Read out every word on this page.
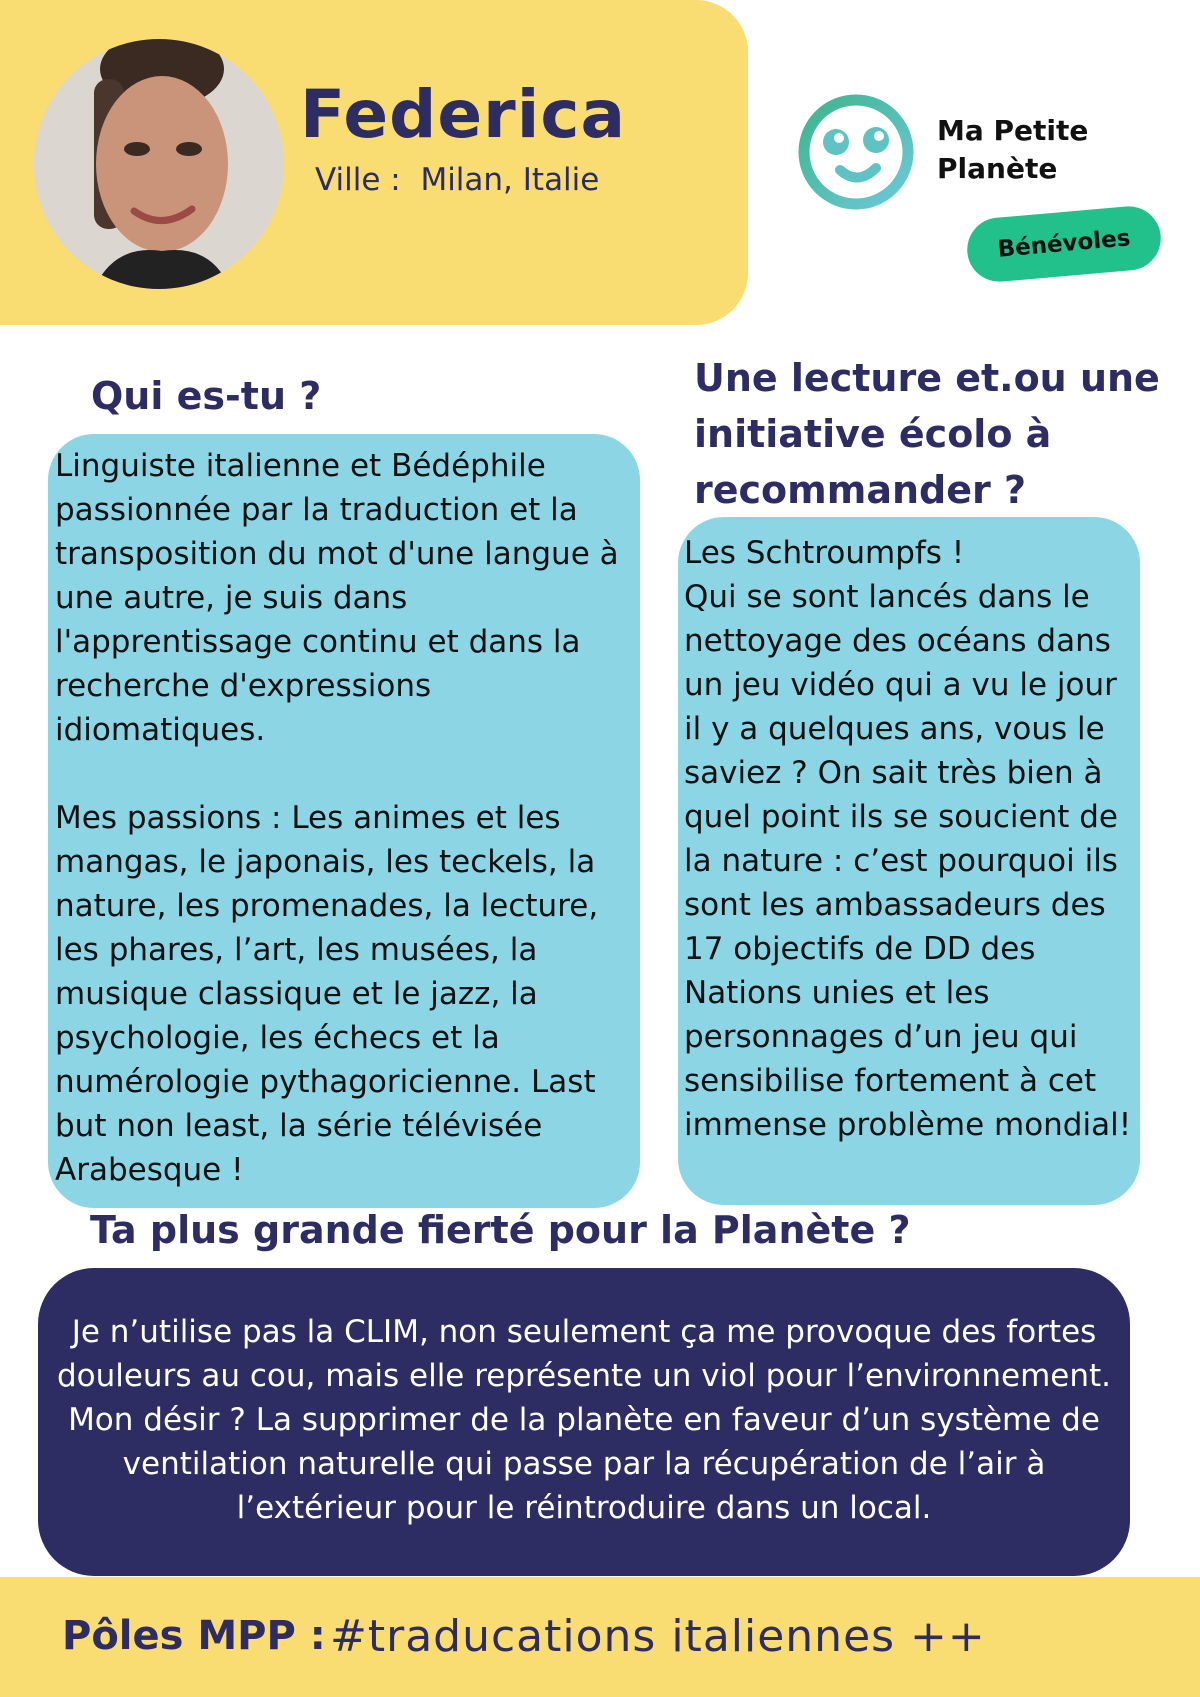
Federica
Ville :  Milan, Italie
Ma Petite
Planète
Bénévoles
Qui es-tu ?

Linguiste italienne et Bédéphile passionnée par la traduction et la transposition du mot d'une langue à une autre, je suis dans l'apprentissage continu et dans la recherche d'expressions idiomatiques.

Mes passions : Les animes et les mangas, le japonais, les teckels, la nature, les promenades, la lecture, les phares, l’art, les musées, la musique classique et le jazz, la psychologie, les échecs et la numérologie pythagoricienne. Last but non least, la série télévisée Arabesque !

Une lecture et.ou une initiative écolo à recommander ?

Les Schtroumpfs !
Qui se sont lancés dans le nettoyage des océans dans un jeu vidéo qui a vu le jour il y a quelques ans, vous le saviez ? On sait très bien à quel point ils se soucient de la nature : c’est pourquoi ils sont les ambassadeurs des 17 objectifs de DD des Nations unies et les personnages d’un jeu qui sensibilise fortement à cet immense problème mondial!

Ta plus grande fierté pour la Planète ?

Je n’utilise pas la CLIM, non seulement ça me provoque des fortes douleurs au cou, mais elle représente un viol pour l’environnement. Mon désir ? La supprimer de la planète en faveur d’un système de ventilation naturelle qui passe par la récupération de l’air à l’extérieur pour le réintroduire dans un local.

Pôles MPP : #traducations italiennes ++
